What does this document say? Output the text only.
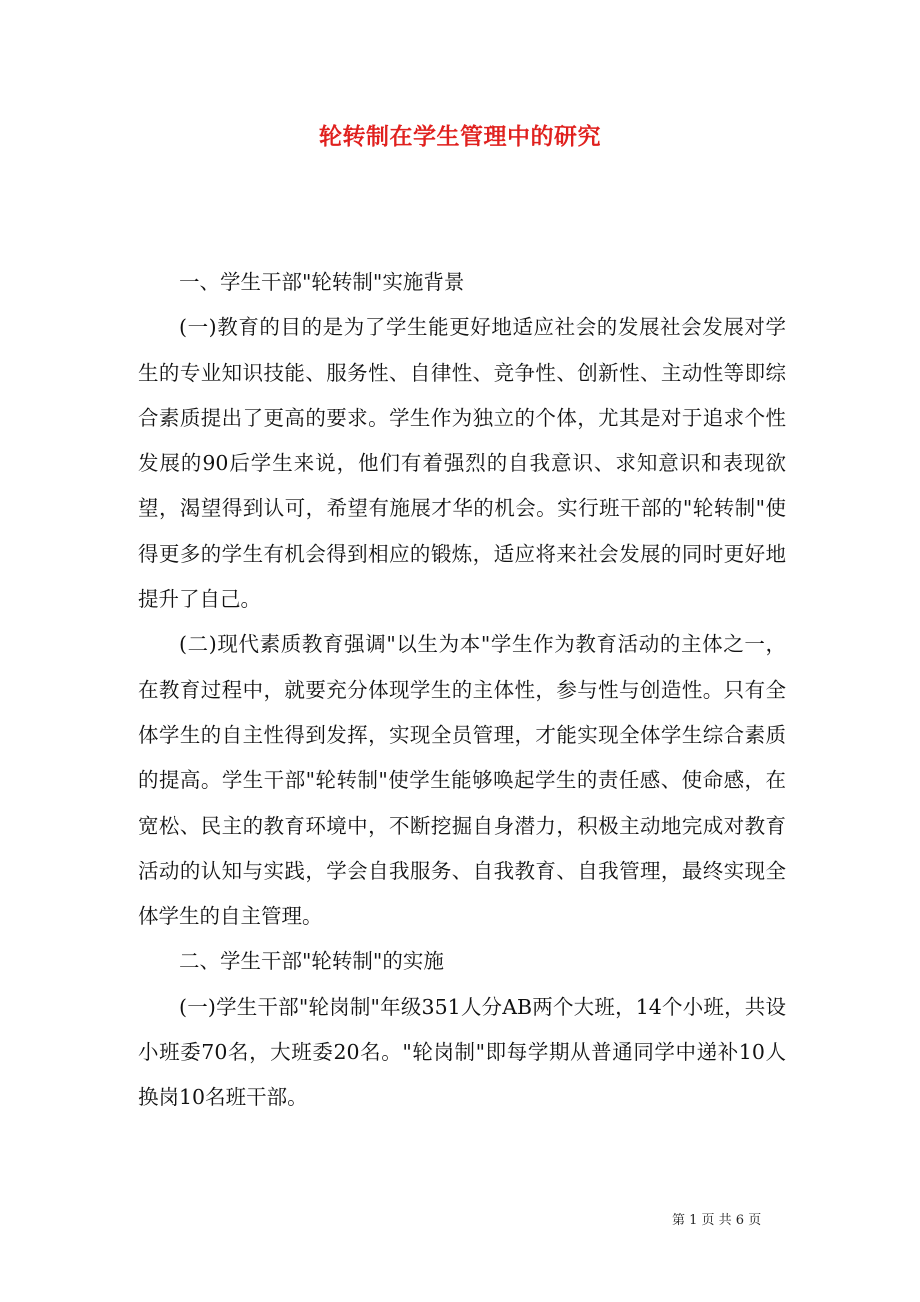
轮转制在学生管理中的研究

一、学生干部"轮转制"实施背景

(一)教育的目的是为了学生能更好地适应社会的发展社会发展对学生的专业知识技能、服务性、自律性、竞争性、创新性、主动性等即综合素质提出了更高的要求。学生作为独立的个体，尤其是对于追求个性发展的90后学生来说，他们有着强烈的自我意识、求知意识和表现欲望，渴望得到认可，希望有施展才华的机会。实行班干部的"轮转制"使得更多的学生有机会得到相应的锻炼，适应将来社会发展的同时更好地提升了自己。

(二)现代素质教育强调"以生为本"学生作为教育活动的主体之一，在教育过程中，就要充分体现学生的主体性，参与性与创造性。只有全体学生的自主性得到发挥，实现全员管理，才能实现全体学生综合素质的提高。学生干部"轮转制"使学生能够唤起学生的责任感、使命感，在宽松、民主的教育环境中，不断挖掘自身潜力，积极主动地完成对教育活动的认知与实践，学会自我服务、自我教育、自我管理，最终实现全体学生的自主管理。

二、学生干部"轮转制"的实施

(一)学生干部"轮岗制"年级351人分AB两个大班，14个小班，共设小班委70名，大班委20名。"轮岗制"即每学期从普通同学中递补10人换岗10名班干部。

第 1 页 共 6 页
